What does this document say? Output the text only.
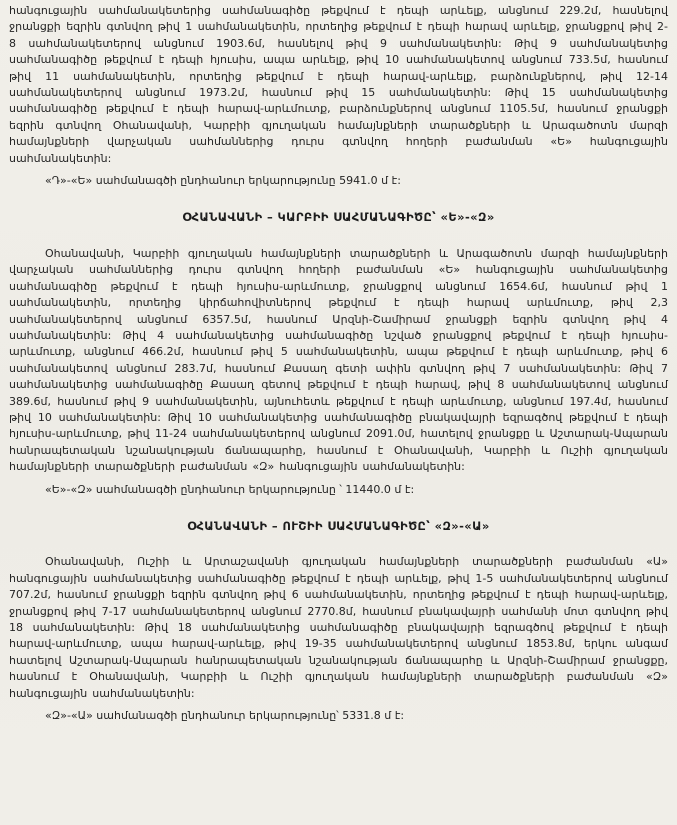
հանգուցային սահմանակետերից սահմանագիծը թեքվում է դեպի արևելք, անցնում 229.2մ, հասնելով ջրանցքի եզրին գտնվող թիվ 1 սահմանակետին, որտեղից թեքվում է դեպի հարավ արևելք, ջրանցքով թիվ 2-8 սահմանակետերով անցնում 1903.6մ, հասնելով թիվ 9 սահմանակետին: Թիվ 9 սահմանակետից սահմանագիծը թեքվում է դեպի հյուսիս, ապա արևելք, թիվ 10 սահմանակետով անցնում 733.5մ, հասնում թիվ 11 սահմանակետին, որտեղից թեքվում է դեպի հարավ-արևելք, բարձունքներով, թիվ 12-14 սահմանակետերով անցնում 1973.2մ, հասնում թիվ 15 սահմանակետին: Թիվ 15 սահմանակետից սահմանագիծը թեքվում է դեպի հարավ-արևմուտք, բարձունքներով անցնում 1105.5մ, հասնում ջրանցքի եզրին գտնվող Օհանավանի, Կարբիի գյուղական համայնքների տարածքների և Արագածոտն մարզի համայնքների վարչական սահմաններից դուրս գտնվող հողերի բաժանման «Ե» հանգուցային սահմանակետին:

«Դ»-«Ե» սահմանագծի ընդհանուր երկարությունը 5941.0 մ է:

ՕՀԱՆԱՎԱՆԻ – ԿԱՐԲԻԻ ՍԱՀՄԱՆԱԳԻԾԸ՝ «Ե»-«Զ»

Օհանավանի, Կարբիի գյուղական համայնքների տարածքների և Արագածոտն մարզի համայնքների վարչական սահմաններից դուրս գտնվող հողերի բաժանման «Ե» հանգուցային սահմանակետից սահմանագիծը թեքվում է դեպի հյուսիս-արևմուտք, ջրանցքով անցնում 1654.6մ, հասնում թիվ 1 սահմանակետին, որտեղից կիրճահովիտներով թեքվում է դեպի հարավ արևմուտք, թիվ 2,3 սահմանակետերով անցնում 6357.5մ, հասնում Արզնի-Շամիրամ ջրանցքի եզրին գտնվող թիվ 4 սահմանակետին: Թիվ 4 սահմանակետից սահմանագիծը նշված ջրանցքով թեքվում է դեպի հյուսիս-արևմուտք, անցնում 466.2մ, հասնում թիվ 5 սահմանակետին, ապա թեքվում է դեպի արևմուտք, թիվ 6 սահմանակետով անցնում 283.7մ, հասնում Քասաղ գետի ափին գտնվող թիվ 7 սահմանակետին: Թիվ 7 սահմանակետից սահմանագիծը Քասաղ գետով թեքվում է դեպի հարավ, թիվ 8 սահմանակետով անցնում 389.6մ, հասնում թիվ 9 սահմանակետին, այնուհետև թեքվում է դեպի արևմուտք, անցնում 197.4մ, հասնում թիվ 10 սահմանակետին: Թիվ 10 սահմանակետից սահմանագիծը բնակավայրի եզրագծով թեքվում է դեպի հյուսիս-արևմուտք, թիվ 11-24 սահմանակետերով անցնում 2091.0մ, հատելով ջրանցքը և Աշտարակ-Ապարան հանրապետական նշանակության ճանապարհը, հասնում է Օհանավանի, Կարբիի և Ուշիի գյուղական համայնքների տարածքների բաժանման «Զ» հանգուցային սահմանակետին:

«Ե»-«Զ» սահմանագծի ընդհանուր երկարությունը ՝ 11440.0 մ է:

ՕՀԱՆԱՎԱՆԻ – ՈՒՇԻԻ ՍԱՀՄԱՆԱԳԻԾԸ՝ «Զ»-«Ա»

Օհանավանի, Ուշիի և Արտաշավանի գյուղական համայնքների տարածքների բաժանման «Ա» հանգուցային սահմանակետից սահմանագիծը թեքվում է դեպի արևելք, թիվ 1-5 սահմանակետերով անցնում 707.2մ, հասնում ջրանցքի եզրին գտնվող թիվ 6 սահմանակետին, որտեղից թեքվում է դեպի հարավ-արևելք, ջրանցքով թիվ 7-17 սահմանակետերով անցնում 2770.8մ, հասնում բնակավայրի սահմանի մոտ գտնվող թիվ 18 սահմանակետին: Թիվ 18 սահմանակետից սահմանագիծը բնակավայրի եզրագծով թեքվում է դեպի հարավ-արևմուտք, ապա հարավ-արևելք, թիվ 19-35 սահմանակետերով անցնում 1853.8մ, երկու անգամ հատելով Աշտարակ-Ապարան հանրապետական նշանակության ճանապարհը և Արզնի-Շամիրամ ջրանցքը, հասնում է Օհանավանի, Կարբիի և Ուշիի գյուղական համայնքների տարածքների բաժանման «Զ» հանգուցային սահմանակետին:

«Զ»-«Ա» սահմանագծի ընդհանուր երկարությունը՝ 5331.8 մ է:
